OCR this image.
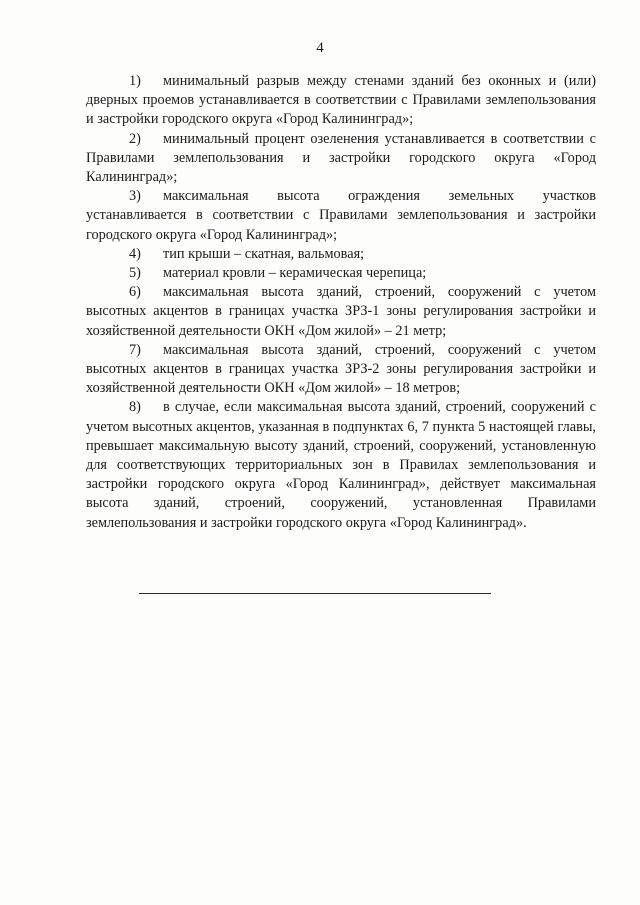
4

1) минимальный разрыв между стенами зданий без оконных и (или) дверных проемов устанавливается в соответствии с Правилами землепользования и застройки городского округа «Город Калининград»;

2) минимальный процент озеленения устанавливается в соответствии с Правилами землепользования и застройки городского округа «Город Калининград»;

3) максимальная высота ограждения земельных участков устанавливается в соответствии с Правилами землепользования и застройки городского округа «Город Калининград»;

4) тип крыши – скатная, вальмовая;

5) материал кровли – керамическая черепица;

6) максимальная высота зданий, строений, сооружений с учетом высотных акцентов в границах участка ЗРЗ-1 зоны регулирования застройки и хозяйственной деятельности ОКН «Дом жилой» – 21 метр;

7) максимальная высота зданий, строений, сооружений с учетом высотных акцентов в границах участка ЗРЗ-2 зоны регулирования застройки и хозяйственной деятельности ОКН «Дом жилой» – 18 метров;

8) в случае, если максимальная высота зданий, строений, сооружений с учетом высотных акцентов, указанная в подпунктах 6, 7 пункта 5 настоящей главы, превышает максимальную высоту зданий, строений, сооружений, установленную для соответствующих территориальных зон в Правилах землепользования и застройки городского округа «Город Калининград», действует максимальная высота зданий, строений, сооружений, установленная Правилами землепользования и застройки городского округа «Город Калининград».
